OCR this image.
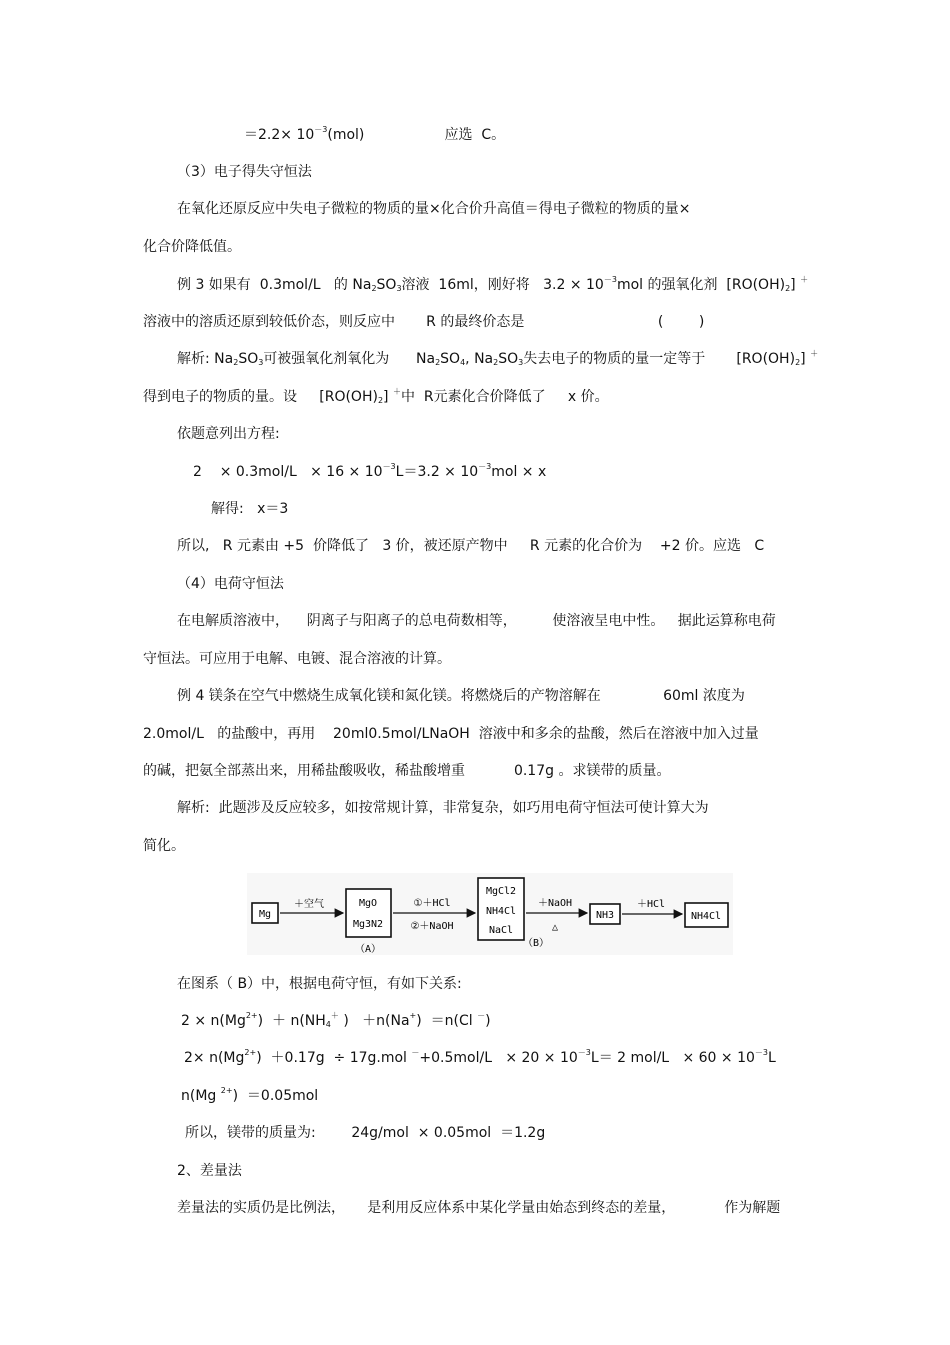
$=2.2\times 10^{-3}(mol)$                  应选  C。
（3）电子得失守恒法
在氧化还原反应中失电子微粒的物质的量×化合价升高值＝得电子微粒的物质的量×
化合价降低值。
例 3 如果有  0.3mol/L   的 $Na_2SO_3$溶液  16ml，刚好将   $3.2 \times 10^{-3}mol$ 的强氧化剂  $[RO(OH)_2]$ ＋
溶液中的溶质还原到较低价态，则反应中       R 的最终价态是                              (        )
解析: $Na_2SO_3$可被强氧化剂氧化为      $Na_2SO_4$, $Na_2SO_3$失去电子的物质的量一定等于       $[RO(OH)_2]$ ＋
得到电子的物质的量。设     $[RO(OH)_2]$ ＋中  R元素化合价降低了     x 价。
依题意列出方程:
2    × $0.3mol/L \times 16 \times 10^{-3}L=3.2 \times 10^{-3}mol \times x$
解得:   x＝3
所以,   R 元素由 +5  价降低了   3 价，被还原产物中     R 元素的化合价为    +2 价。应选   C
（4）电荷守恒法
在电解质溶液中，    阴离子与阳离子的总电荷数相等，        使溶液呈电中性。   据此运算称电荷
守恒法。可应用于电解、电镀、混合溶液的计算。
例 4 镁条在空气中燃烧生成氧化镁和氮化镁。将燃烧后的产物溶解在              60ml 浓度为
2.0mol/L   的盐酸中，再用    20ml0.5mol/LNaOH  溶液中和多余的盐酸，然后在溶液中加入过量
的碱，把氨全部蒸出来，用稀盐酸吸收，稀盐酸增重           0.17g 。求镁带的质量。
解析:  此题涉及反应较多，如按常规计算，非常复杂，如巧用电荷守恒法可使计算大为
简化。
在图系（ B）中，根据电荷守恒，有如下关系:
$2 \times n(Mg^{2+}) + n(NH_4^+$ )   ＋n(Na+)  ＝n(Cl －)
$2\times n(Mg^{2+}) +0.17g \div 17g.mol$ $^-+0.5mol/L \times 20 \times 10^{-3}L= 2$ $mol/L \times 60 \times 10^{-3}L$
n(Mg $^{2+}$)  ＝0.05mol
所以，镁带的质量为:        24g/mol  × 0.05mol  ＝1.2g
2、差量法
差量法的实质仍是比例法，     是利用反应体系中某化学量由始态到终态的差量，           作为解题
Mg
＋空气	MgO
Mg3N2
（A）
①＋HCl
②＋NaOH
MgCl2
NH4Cl
NaCl
（B）
＋NaOH
△
NH3
＋HCl
NH4Cl
